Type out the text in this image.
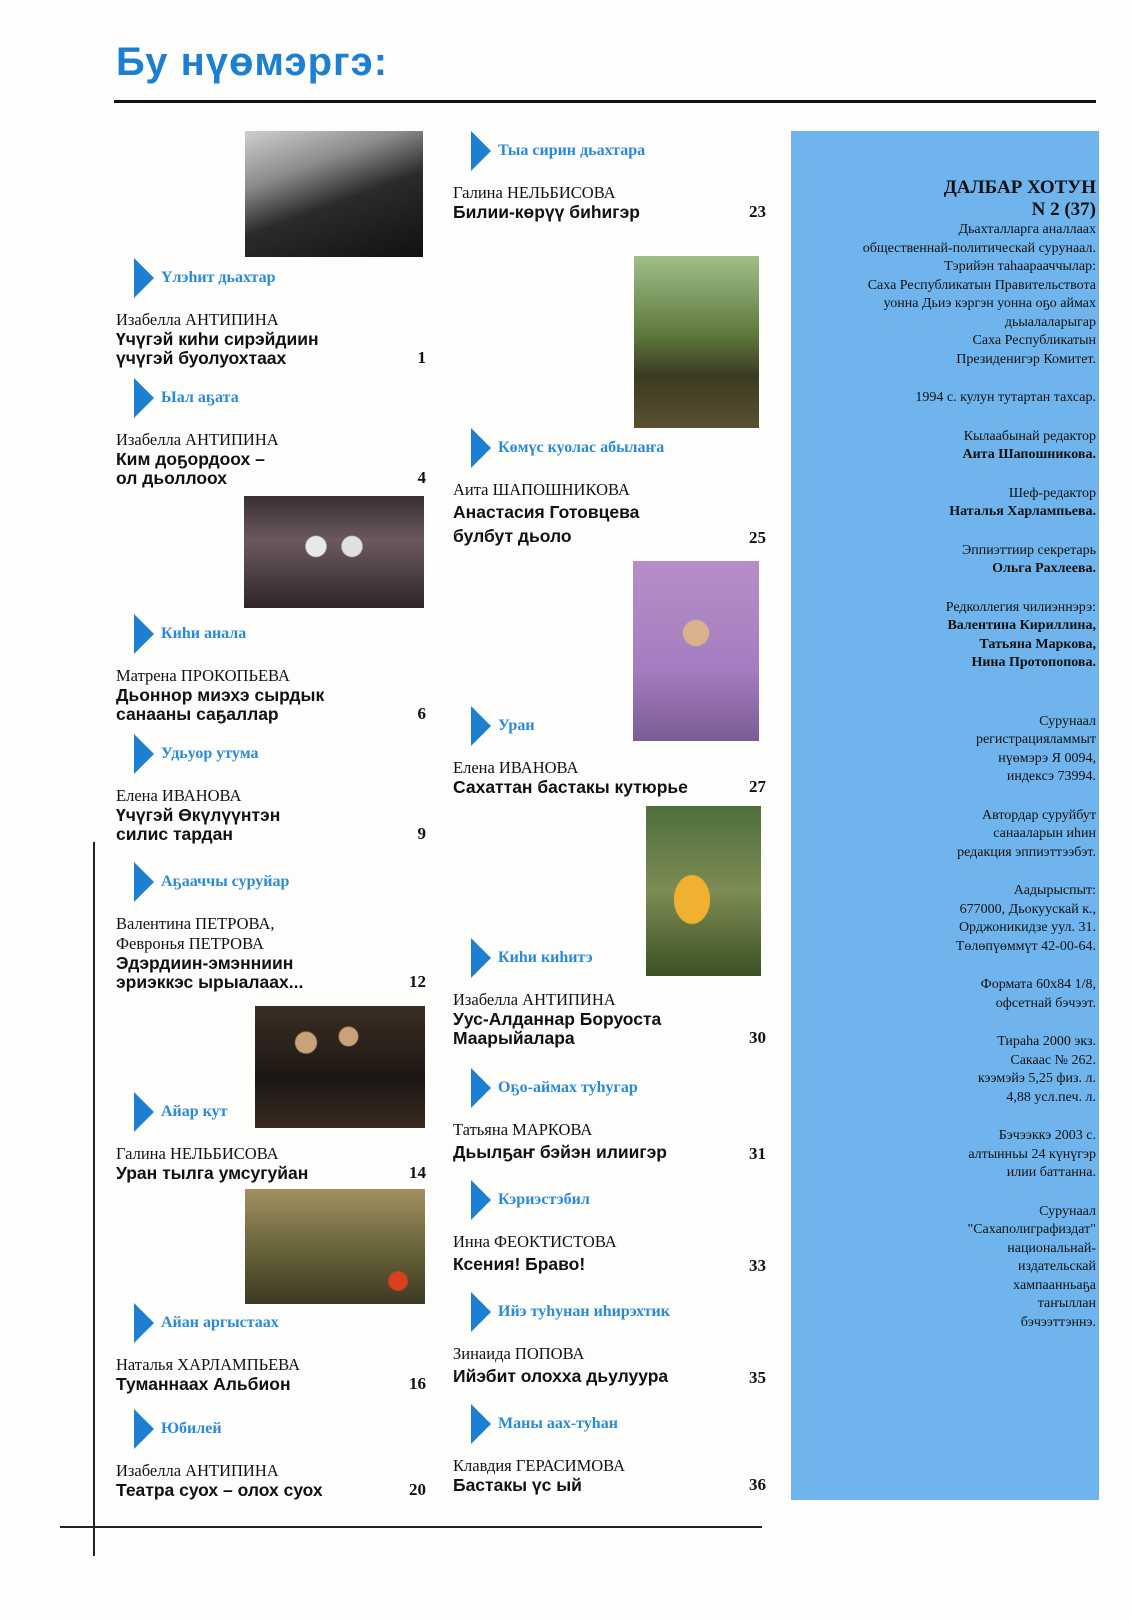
Бу нүөмэргэ:
Үлэһит дьахтар
Изабелла АНТИПИНА
Үчүгэй киһи сирэйдиин
үчүгэй буолуохтаах	1
Ыал аҕата
Изабелла АНТИПИНА
Ким доҕордоох –
ол дьоллоох	4
Киһи анала
Матрена ПРОКОПЬЕВА
Дьоннор миэхэ сырдык
санааны саҕаллар	6
Удьуор утума
Елена ИВАНОВА
Үчүгэй Өкүлүүнтэн
силис тардан	9
Аҕааччы суруйар
Валентина ПЕТРОВА,
Февронья ПЕТРОВА
Эдэрдиин-эмэнниин
эриэккэс ырыалаах...	12
Айар кут
Галина НЕЛЬБИСОВА
Уран тылга умсугуйан	14
Айан аргыстаах
Наталья ХАРЛАМПЬЕВА
Туманнаах Альбион	16
Юбилей
Изабелла АНТИПИНА
Театра суох – олох суох	20
Тыа сирин дьахтара
Галина НЕЛЬБИСОВА
Билии-көрүү биһигэр	23
Көмүс куолас абылаҥа
Аита ШАПОШНИКОВА
Анастасия Готовцева
булбут дьоло	25
Уран
Елена ИВАНОВА
Сахаттан бастакы кутюрье	27
Киһи киһитэ
Изабелла АНТИПИНА
Уус-Алданнар Боруоста
Маарыйалара	30
Оҕо-аймах туһугар
Татьяна МАРКОВА
Дьылҕаҥ бэйэн илиигэр	31
Кэриэстэбил
Инна ФЕОКТИСТОВА
Ксения! Браво!	33
Ийэ туһунан иһирэхтик
Зинаида ПОПОВА
Ийэбит олохха дьулуура	35
Маны аах-туһан
Клавдия ГЕРАСИМОВА
Бастакы үс ый	36
ДАЛБАР ХОТУН
N 2 (37)
Дьахталларга аналлаах
общественнай-политическай сурунаал.
Тэрийэн таһаарааччылар:
Саха Республикатын Правительствота
уонна Дьиэ кэргэн уонна оҕо аймах
дьыалаларыгар
Саха Республикатын
Президенигэр Комитет.
1994 с. кулун тутартан тахсар.
Кылаабынай редактор
Аита Шапошникова.
Шеф-редактор
Наталья Харлампьева.
Эппиэттиир секретарь
Ольга Рахлеева.
Редколлегия чилиэннэрэ:
Валентина Кириллина,
Татьяна Маркова,
Нина Протопопова.
Сурунаал
регистрацияламмыт
нүөмэрэ Я 0094,
индексэ 73994.
Автордар суруйбут
санааларын иһин
редакция эппиэттээбэт.
Аадырыспыт:
677000, Дьокуускай к.,
Орджоникидзе уул. 31.
Төлөпүөммүт 42-00-64.
Формата 60х84 1/8,
офсетнай бэчээт.
Тираһа 2000 экз.
Сакаас № 262.
кээмэйэ 5,25 физ. л.
4,88 усл.печ. л.
Бэчээккэ 2003 с.
алтынньы 24 күнүгэр
илии баттанна.
Сурунаал
"Сахаполиграфиздат"
национальнай-
издательскай
хампаанньаҕа
таҥыллан
бэчээттэннэ.
